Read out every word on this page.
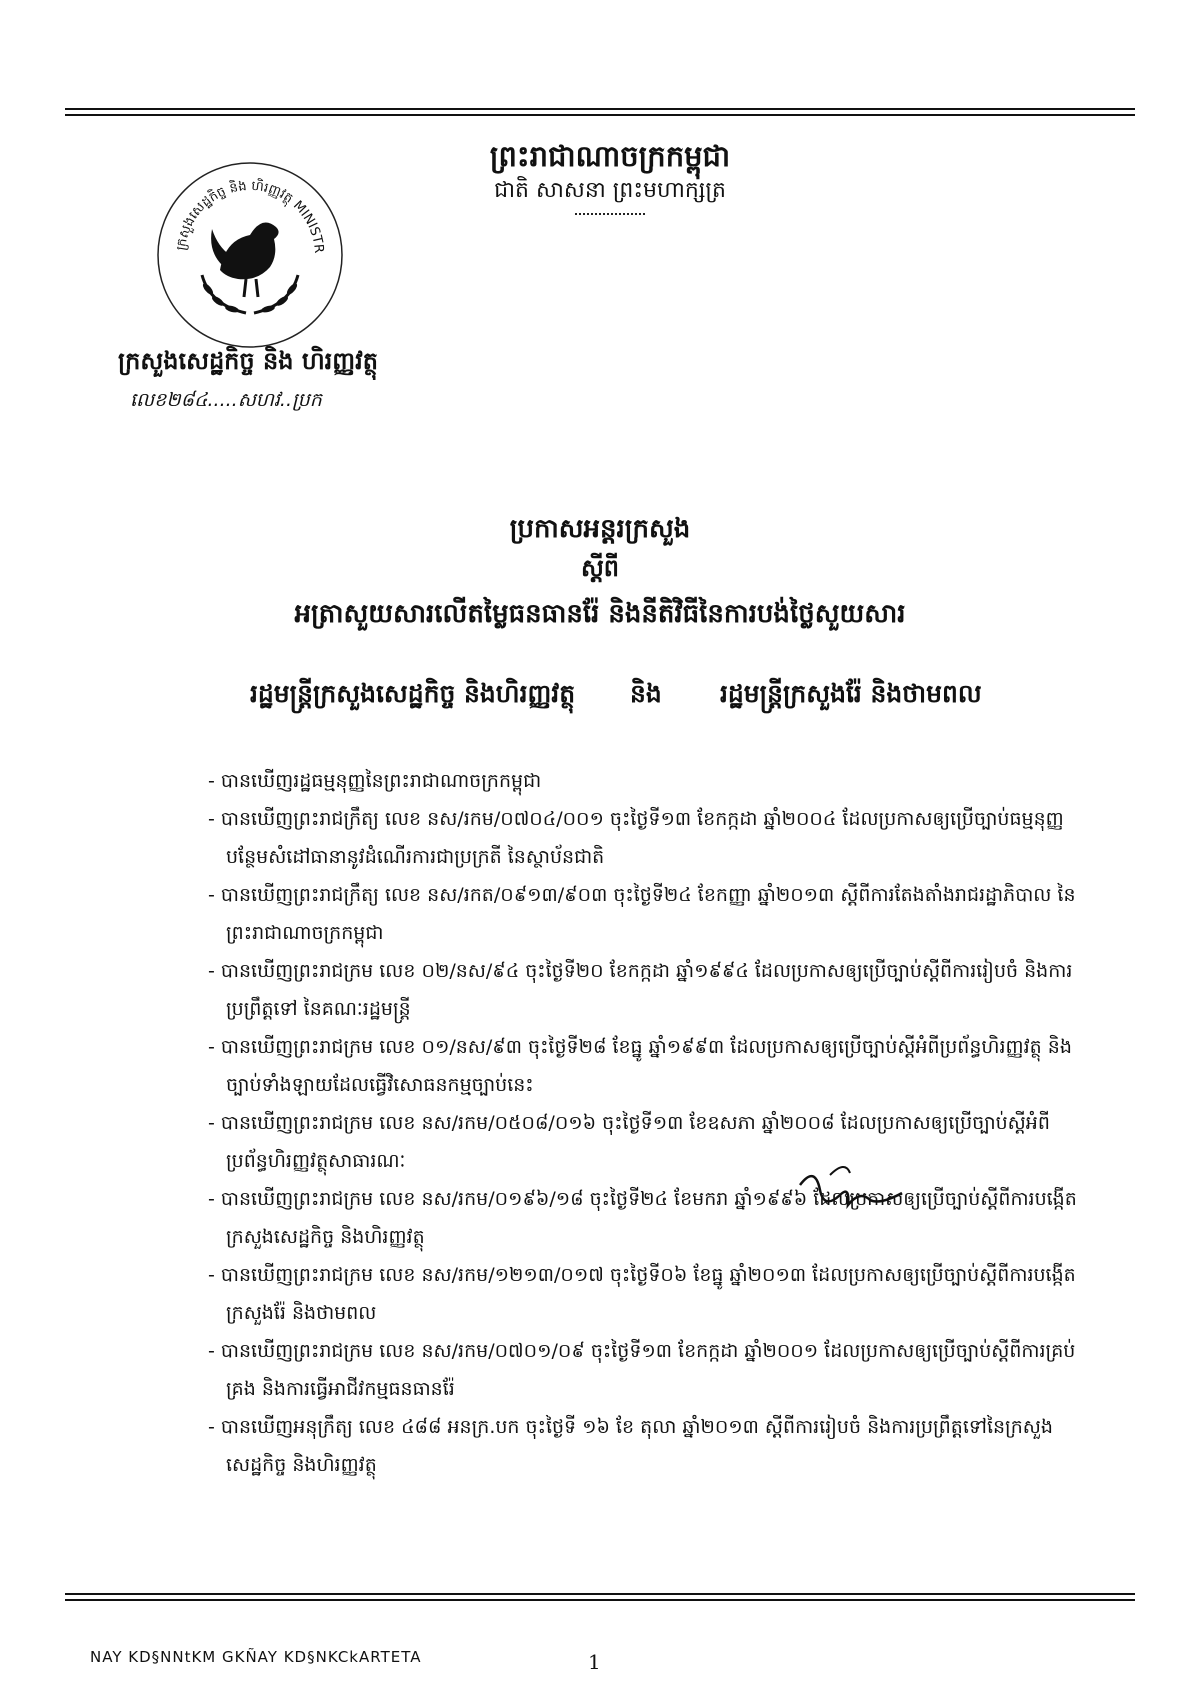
ព្រះរាជាណាចក្រកម្ពុជា
ជាតិ សាសនា ព្រះមហាក្សត្រ
ក្រសួងសេដ្ឋកិច្ច និង ហិរញ្ញវត្ថុ MINISTR
ក្រសួងសេដ្ឋកិច្ច និង ហិរញ្ញវត្ថុ
លេខ២៨៤.....សហវ..ប្រក
ប្រកាសអន្តរក្រសួង
ស្តីពី
អត្រាសួយសារលើតម្លៃធនធានរ៉ែ និងនីតិវិធីនៃការបង់ថ្លៃសួយសារ
រដ្ឋមន្ត្រីក្រសួងសេដ្ឋកិច្ច និងហិរញ្ញវត្ថុ និង រដ្ឋមន្ត្រីក្រសួងរ៉ែ និងថាមពល
- បានឃើញរដ្ឋធម្មនុញ្ញនៃព្រះរាជាណាចក្រកម្ពុជា
- បានឃើញព្រះរាជក្រឹត្យ លេខ នស/រកម/០៧០៤/០០១ ចុះថ្ងៃទី១៣ ខែកក្កដា ឆ្នាំ២០០៤ ដែលប្រកាសឲ្យប្រើច្បាប់ធម្មនុញ្ញបន្ថែមសំដៅធានានូវដំណើរការជាប្រក្រតី នៃស្ថាប័នជាតិ
- បានឃើញព្រះរាជក្រឹត្យ លេខ នស/រកត/០៩១៣/៩០៣ ចុះថ្ងៃទី២៤ ខែកញ្ញា ឆ្នាំ២០១៣ ស្តីពីការតែងតាំងរាជរដ្ឋាភិបាល នៃព្រះរាជាណាចក្រកម្ពុជា
- បានឃើញព្រះរាជក្រម លេខ ០២/នស/៩៤ ចុះថ្ងៃទី២០ ខែកក្កដា ឆ្នាំ១៩៩៤ ដែលប្រកាសឲ្យប្រើច្បាប់ស្តីពីការរៀបចំ និងការប្រព្រឹត្តទៅ នៃគណៈរដ្ឋមន្ត្រី
- បានឃើញព្រះរាជក្រម លេខ ០១/នស/៩៣ ចុះថ្ងៃទី២៨ ខែធ្នូ ឆ្នាំ១៩៩៣ ដែលប្រកាសឲ្យប្រើច្បាប់ស្តីអំពីប្រព័ន្ធហិរញ្ញវត្ថុ និងច្បាប់ទាំងឡាយដែលធ្វើវិសោធនកម្មច្បាប់នេះ
- បានឃើញព្រះរាជក្រម លេខ នស/រកម/០៥០៨/០១៦ ចុះថ្ងៃទី១៣ ខែឧសភា ឆ្នាំ២០០៨ ដែលប្រកាសឲ្យប្រើច្បាប់ស្តីអំពីប្រព័ន្ធហិរញ្ញវត្ថុសាធារណៈ
- បានឃើញព្រះរាជក្រម លេខ នស/រកម/០១៩៦/១៨ ចុះថ្ងៃទី២៤ ខែមករា ឆ្នាំ១៩៩៦ ដែលប្រកាសឲ្យប្រើច្បាប់ស្តីពីការបង្កើតក្រសួងសេដ្ឋកិច្ច និងហិរញ្ញវត្ថុ
- បានឃើញព្រះរាជក្រម លេខ នស/រកម/១២១៣/០១៧ ចុះថ្ងៃទី០៦ ខែធ្នូ ឆ្នាំ២០១៣ ដែលប្រកាសឲ្យប្រើច្បាប់ស្តីពីការបង្កើតក្រសួងរ៉ែ និងថាមពល
- បានឃើញព្រះរាជក្រម លេខ នស/រកម/០៧០១/០៩ ចុះថ្ងៃទី១៣ ខែកក្កដា ឆ្នាំ២០០១ ដែលប្រកាសឲ្យប្រើច្បាប់ស្តីពីការគ្រប់គ្រង និងការធ្វើអាជីវកម្មធនធានរ៉ែ
- បានឃើញអនុក្រឹត្យ លេខ ៤៨៨ អនក្រ.បក ចុះថ្ងៃទី ១៦ ខែ តុលា ឆ្នាំ២០១៣ ស្តីពីការរៀបចំ និងការប្រព្រឹត្តទៅនៃក្រសួងសេដ្ឋកិច្ច និងហិរញ្ញវត្ថុ
NAY KD§NNtKM GKÑAY KD§NKCkARTETA	1
